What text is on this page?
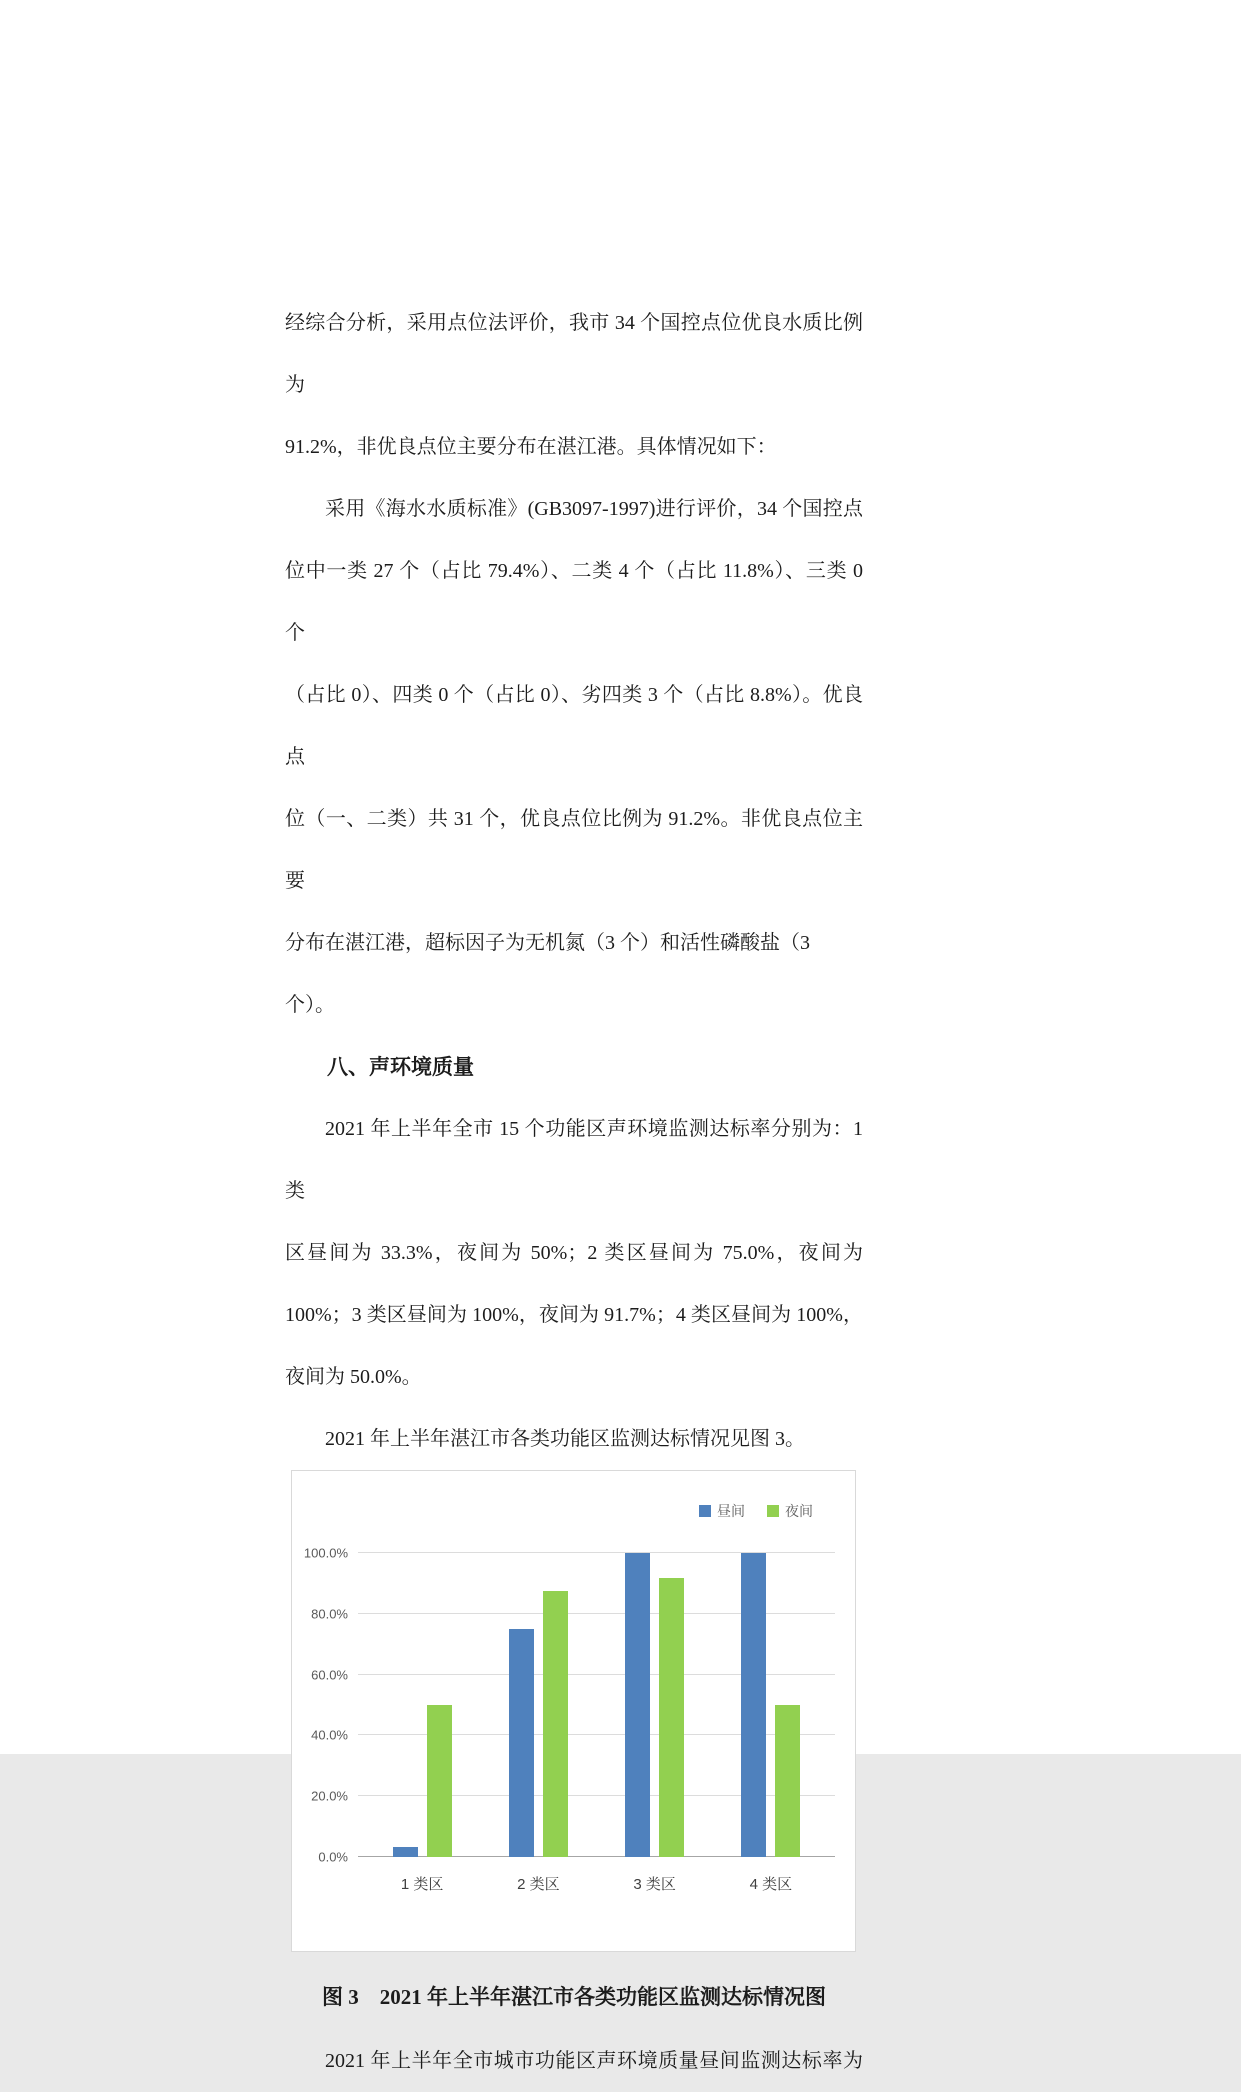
经综合分析，采用点位法评价，我市 34 个国控点位优良水质比例为
91.2%，非优良点位主要分布在湛江港。具体情况如下：
采用《海水水质标准》(GB3097-1997)进行评价，34 个国控点
位中一类 27 个（占比 79.4%）、二类 4 个（占比 11.8%）、三类 0 个
（占比 0）、四类 0 个（占比 0）、劣四类 3 个（占比 8.8%）。优良点
位（一、二类）共 31 个，优良点位比例为 91.2%。非优良点位主要
分布在湛江港，超标因子为无机氮（3 个）和活性磷酸盐（3 个）。
八、声环境质量
2021 年上半年全市 15 个功能区声环境监测达标率分别为：1 类
区昼间为 33.3%，夜间为 50%；2 类区昼间为 75.0%，夜间为
100%；3 类区昼间为 100%，夜间为 91.7%；4 类区昼间为 100%，
夜间为 50.0%。
2021 年上半年湛江市各类功能区监测达标情况见图 3。
昼间	夜间
0.0%
20.0%
40.0%
60.0%
80.0%
100.0%
1 类区	2 类区	3 类区	4 类区
图 3　2021 年上半年湛江市各类功能区监测达标情况图
2021 年上半年全市城市功能区声环境质量昼间监测达标率为
